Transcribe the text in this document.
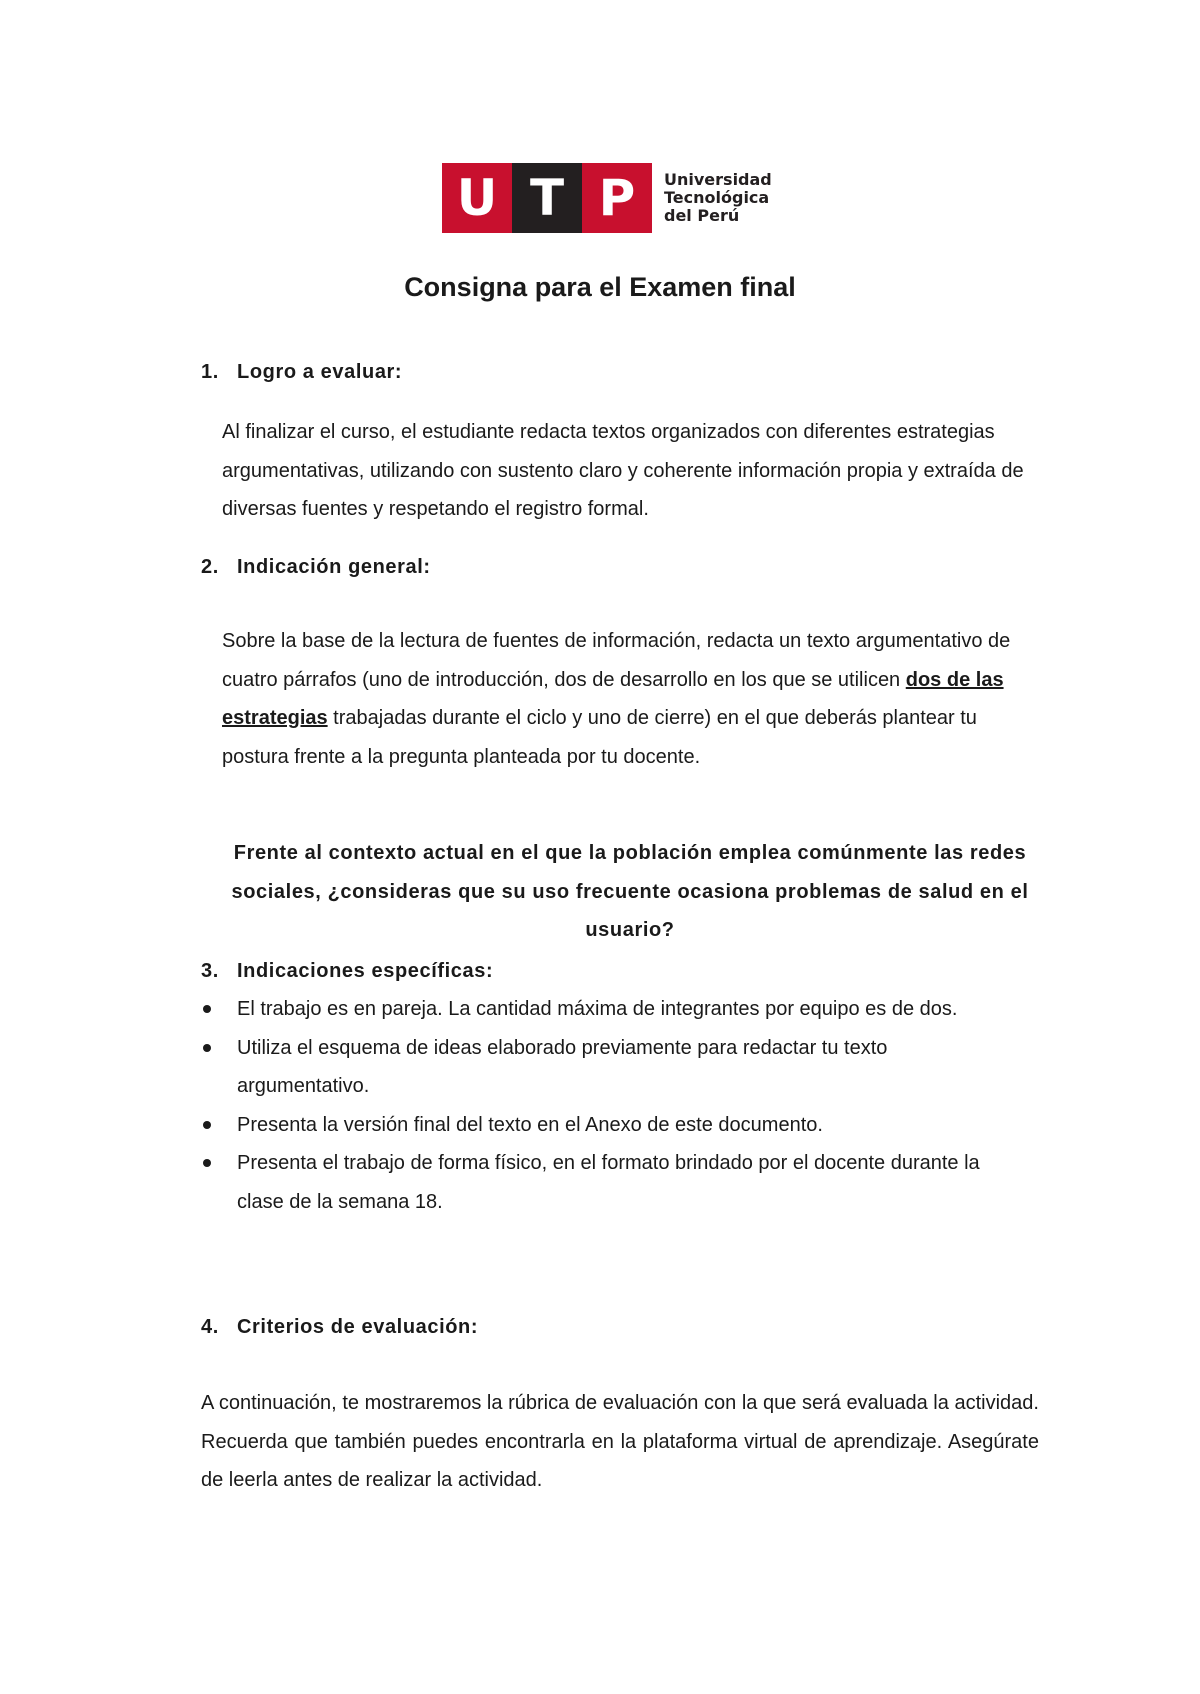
U T P	Universidad
Tecnológica
del Perú
Consigna para el Examen final
1. Logro a evaluar:

Al finalizar el curso, el estudiante redacta textos organizados con diferentes estrategias argumentativas, utilizando con sustento claro y coherente información propia y extraída de diversas fuentes y respetando el registro formal.

2. Indicación general:

Sobre la base de la lectura de fuentes de información, redacta un texto argumentativo de cuatro párrafos (uno de introducción, dos de desarrollo en los que se utilicen dos de las estrategias trabajadas durante el ciclo y uno de cierre) en el que deberás plantear tu postura frente a la pregunta planteada por tu docente.

Frente al contexto actual en el que la población emplea comúnmente las redes sociales, ¿consideras que su uso frecuente ocasiona problemas de salud en el usuario?

3. Indicaciones específicas:
El trabajo es en pareja. La cantidad máxima de integrantes por equipo es de dos.
Utiliza el esquema de ideas elaborado previamente para redactar tu texto argumentativo.
Presenta la versión final del texto en el Anexo de este documento.
Presenta el trabajo de forma físico, en el formato brindado por el docente durante la clase de la semana 18.
4. Criterios de evaluación:

A continuación, te mostraremos la rúbrica de evaluación con la que será evaluada la actividad. Recuerda que también puedes encontrarla en la plataforma virtual de aprendizaje. Asegúrate de leerla antes de realizar la actividad.
